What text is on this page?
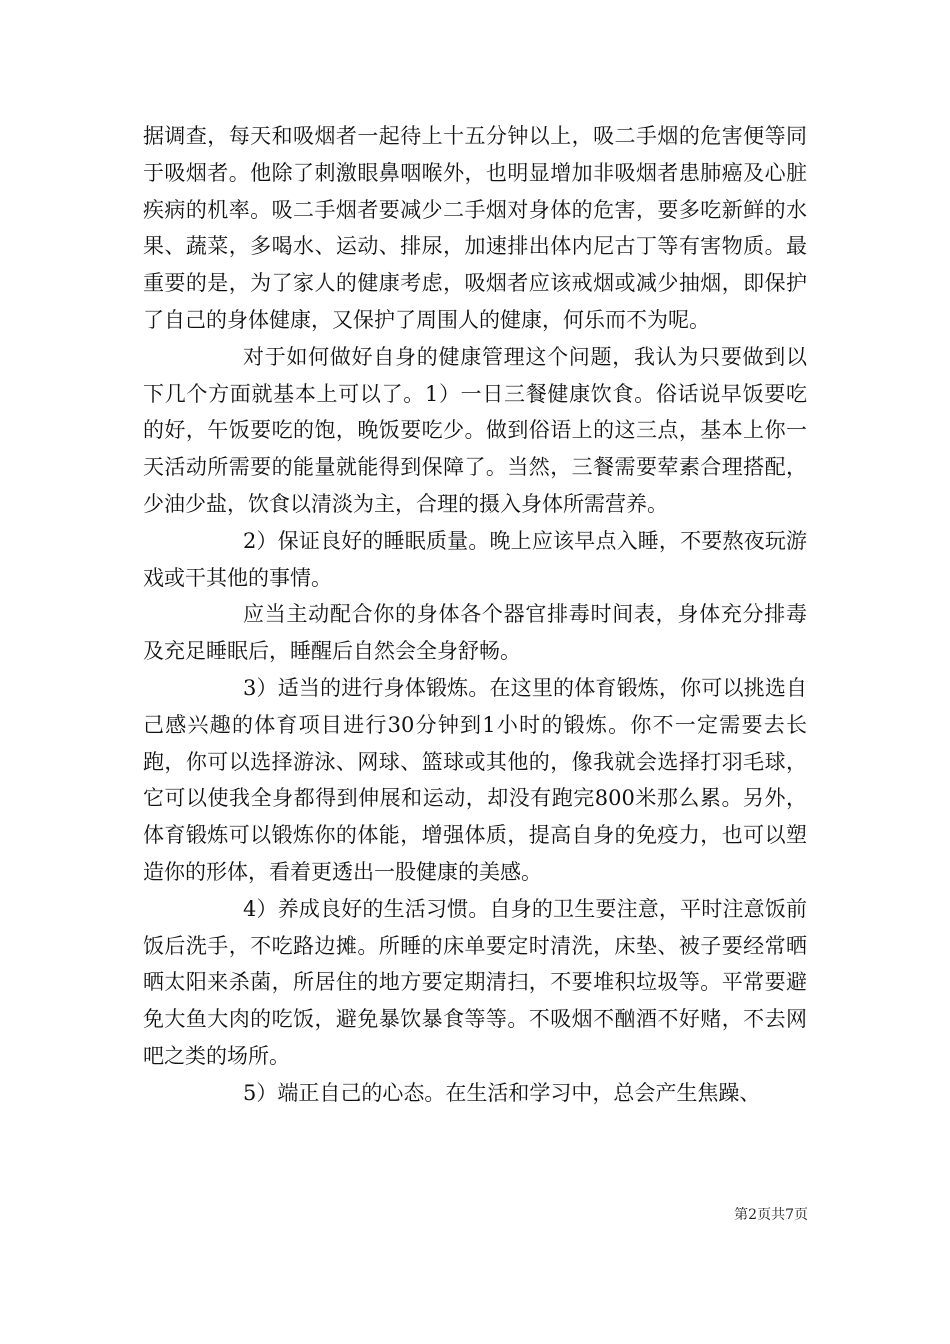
据调查，每天和吸烟者一起待上十五分钟以上，吸二手烟的危害便等同于吸烟者。他除了刺激眼鼻咽喉外，也明显增加非吸烟者患肺癌及心脏疾病的机率。吸二手烟者要减少二手烟对身体的危害，要多吃新鲜的水果、蔬菜，多喝水、运动、排尿，加速排出体内尼古丁等有害物质。最重要的是，为了家人的健康考虑，吸烟者应该戒烟或减少抽烟，即保护了自己的身体健康，又保护了周围人的健康，何乐而不为呢。

对于如何做好自身的健康管理这个问题，我认为只要做到以下几个方面就基本上可以了。1）一日三餐健康饮食。俗话说早饭要吃的好，午饭要吃的饱，晚饭要吃少。做到俗语上的这三点，基本上你一天活动所需要的能量就能得到保障了。当然，三餐需要荤素合理搭配，少油少盐，饮食以清淡为主，合理的摄入身体所需营养。

2）保证良好的睡眠质量。晚上应该早点入睡，不要熬夜玩游戏或干其他的事情。

应当主动配合你的身体各个器官排毒时间表，身体充分排毒及充足睡眠后，睡醒后自然会全身舒畅。

3）适当的进行身体锻炼。在这里的体育锻炼，你可以挑选自己感兴趣的体育项目进行30分钟到1小时的锻炼。你不一定需要去长跑，你可以选择游泳、网球、篮球或其他的，像我就会选择打羽毛球，它可以使我全身都得到伸展和运动，却没有跑完800米那么累。另外，体育锻炼可以锻炼你的体能，增强体质，提高自身的免疫力，也可以塑造你的形体，看着更透出一股健康的美感。

4）养成良好的生活习惯。自身的卫生要注意，平时注意饭前饭后洗手，不吃路边摊。所睡的床单要定时清洗，床垫、被子要经常晒晒太阳来杀菌，所居住的地方要定期清扫，不要堆积垃圾等。平常要避免大鱼大肉的吃饭，避免暴饮暴食等等。不吸烟不酗酒不好赌，不去网吧之类的场所。

5）端正自己的心态。在生活和学习中，总会产生焦躁、

第2页共7页
